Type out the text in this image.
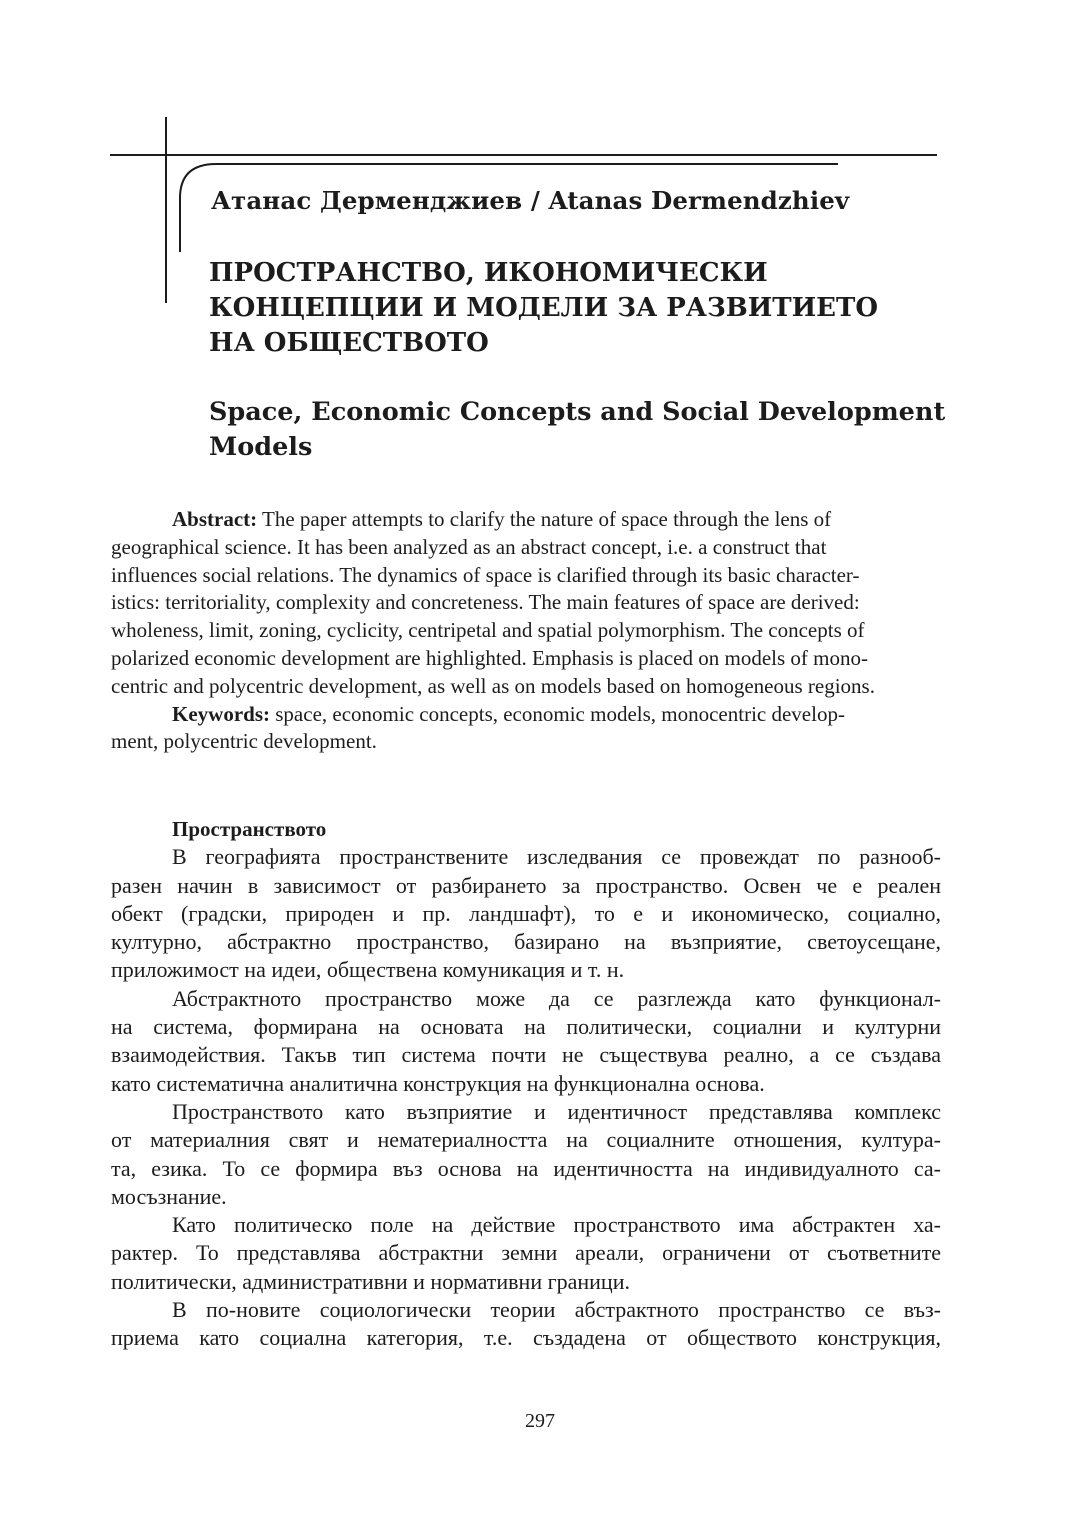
Атанас Дерменджиев / Atanas Dermendzhiev
ПРОСТРАНСТВО, ИКОНОМИЧЕСКИ
КОНЦЕПЦИИ И МОДЕЛИ ЗА РАЗВИТИЕТО
НА ОБЩЕСТВОТО
Space, Economic Concepts and Social Development
Models
Abstract: The paper attempts to clarify the nature of space through the lens of
geographical science. It has been analyzed as an abstract concept, i.e. a construct that
influences social relations. The dynamics of space is clarified through its basic character-
istics: territoriality, complexity and concreteness. The main features of space are derived:
wholeness, limit, zoning, cyclicity, centripetal and spatial polymorphism. The concepts of
polarized economic development are highlighted. Emphasis is placed on models of mono-
centric and polycentric development, as well as on models based on homogeneous regions.
Keywords: space, economic concepts, economic models, monocentric develop-
ment, polycentric development.
Пространството
В географията пространствените изследвания се провеждат по разнооб-
разен начин в зависимост от разбирането за пространство. Освен че е реален
обект (градски, природен и пр. ландшафт), то е и икономическо, социално,
културно, абстрактно пространство, базирано на възприятие, светоусещане,
приложимост на идеи, обществена комуникация и т. н.
Абстрактното пространство може да се разглежда като функционал-
на система, формирана на основата на политически, социални и културни
взаимодействия. Такъв тип система почти не съществува реално, а се създава
като систематична аналитична конструкция на функционална основа.
Пространството като възприятие и идентичност представлява комплекс
от материалния свят и нематериалността на социалните отношения, култура-
та, езика. То се формира въз основа на идентичността на индивидуалното са-
мосъзнание.
Като политическо поле на действие пространството има абстрактен ха-
рактер. То представлява абстрактни земни ареали, ограничени от съответните
политически, административни и нормативни граници.
В по-новите социологически теории абстрактното пространство се въз-
приема като социална категория, т.е. създадена от обществото конструкция,
297
